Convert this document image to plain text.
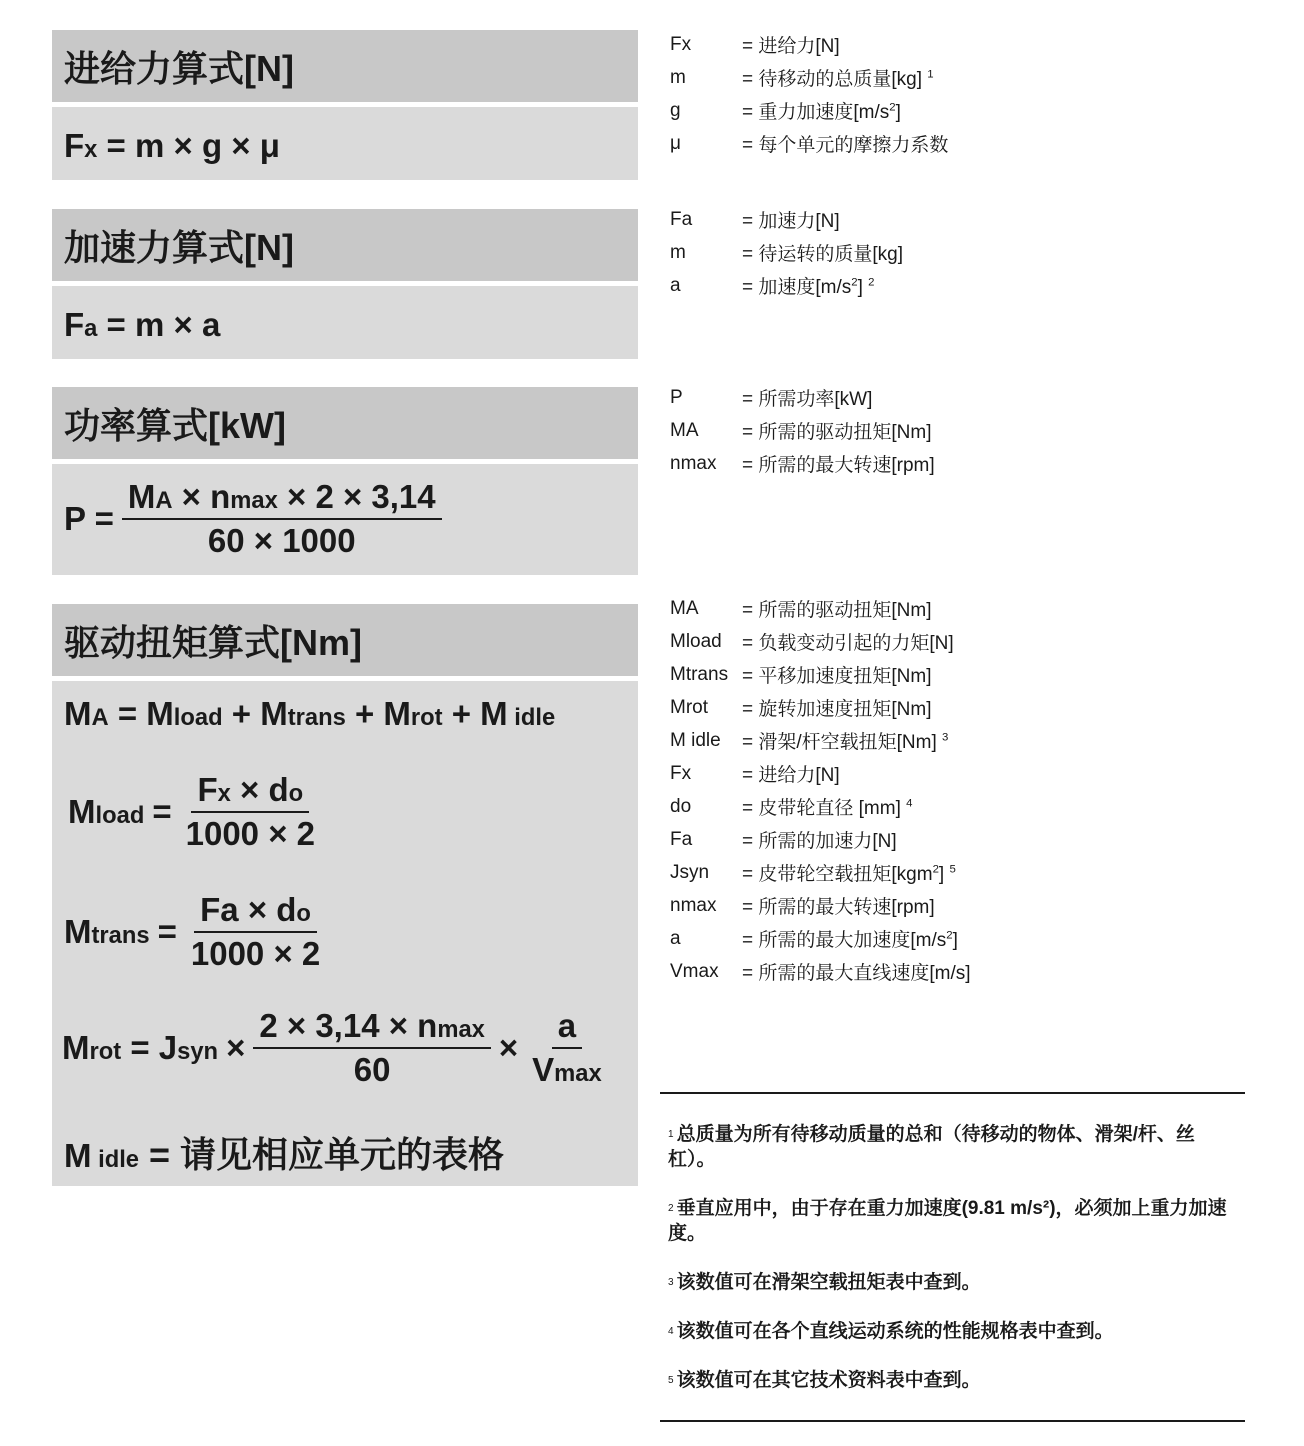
进给力算式[N]
Fx = m × g × μ
加速力算式[N]
Fa = m × a
功率算式[kW]
$P = \frac{MA \times nmax \times 2 \times 3,14}{60 \times 1000}$
驱动扭矩算式[Nm]
MA = Mload + Mtrans + Mrot + M idle
Mload = $\frac{Fx \times do}{1000 \times 2}$
Mtrans = $\frac{Fa \times do}{1000 \times 2}$
Mrot = Jsyn × $\frac{2 \times 3,14 \times nmax}{60} \times \frac{a}{Vmax}$
M idle = 请见相应单元的表格
Fx	= 进给力[N]
m	= 待移动的总质量[kg] $^1$
g	= 重力加速度$[m/s^2]$
μ	= 每个单元的摩擦力系数
Fa	= 加速力[N]
m	= 待运转的质量[kg]
a	= 加速度$[m/s^2]$ $^2$
P	= 所需功率[kW]
MA	= 所需的驱动扭矩[Nm]
nmax	= 所需的最大转速[rpm]
MA	= 所需的驱动扭矩[Nm]
Mload	= 负载变动引起的力矩[N]
Mtrans = 平移加速度扭矩[Nm]
Mrot	= 旋转加速度扭矩[Nm]
M idle	= 滑架/杆空载扭矩[Nm] $^3$
Fx	= 进给力[N]
do	= 皮带轮直径 [mm] $^4$
Fa	= 所需的加速力[N]
Jsyn	= 皮带轮空载扭矩[kgm$^2$] $^5$
nmax	= 所需的最大转速[rpm]
a	= 所需的最大加速度$[m/s^2]$
Vmax	= 所需的最大直线速度[m/s]
$^1$ 总质量为所有待移动质量的总和（待移动的物体、滑架/杆、丝杠）。
$^2$ 垂直应用中，由于存在重力加速度(9.81 m/s²)，必须加上重力加速度。
$^3$ 该数值可在滑架空载扭矩表中查到。
$^4$ 该数值可在各个直线运动系统的性能规格表中查到。
$^5$ 该数值可在其它技术资料表中查到。
